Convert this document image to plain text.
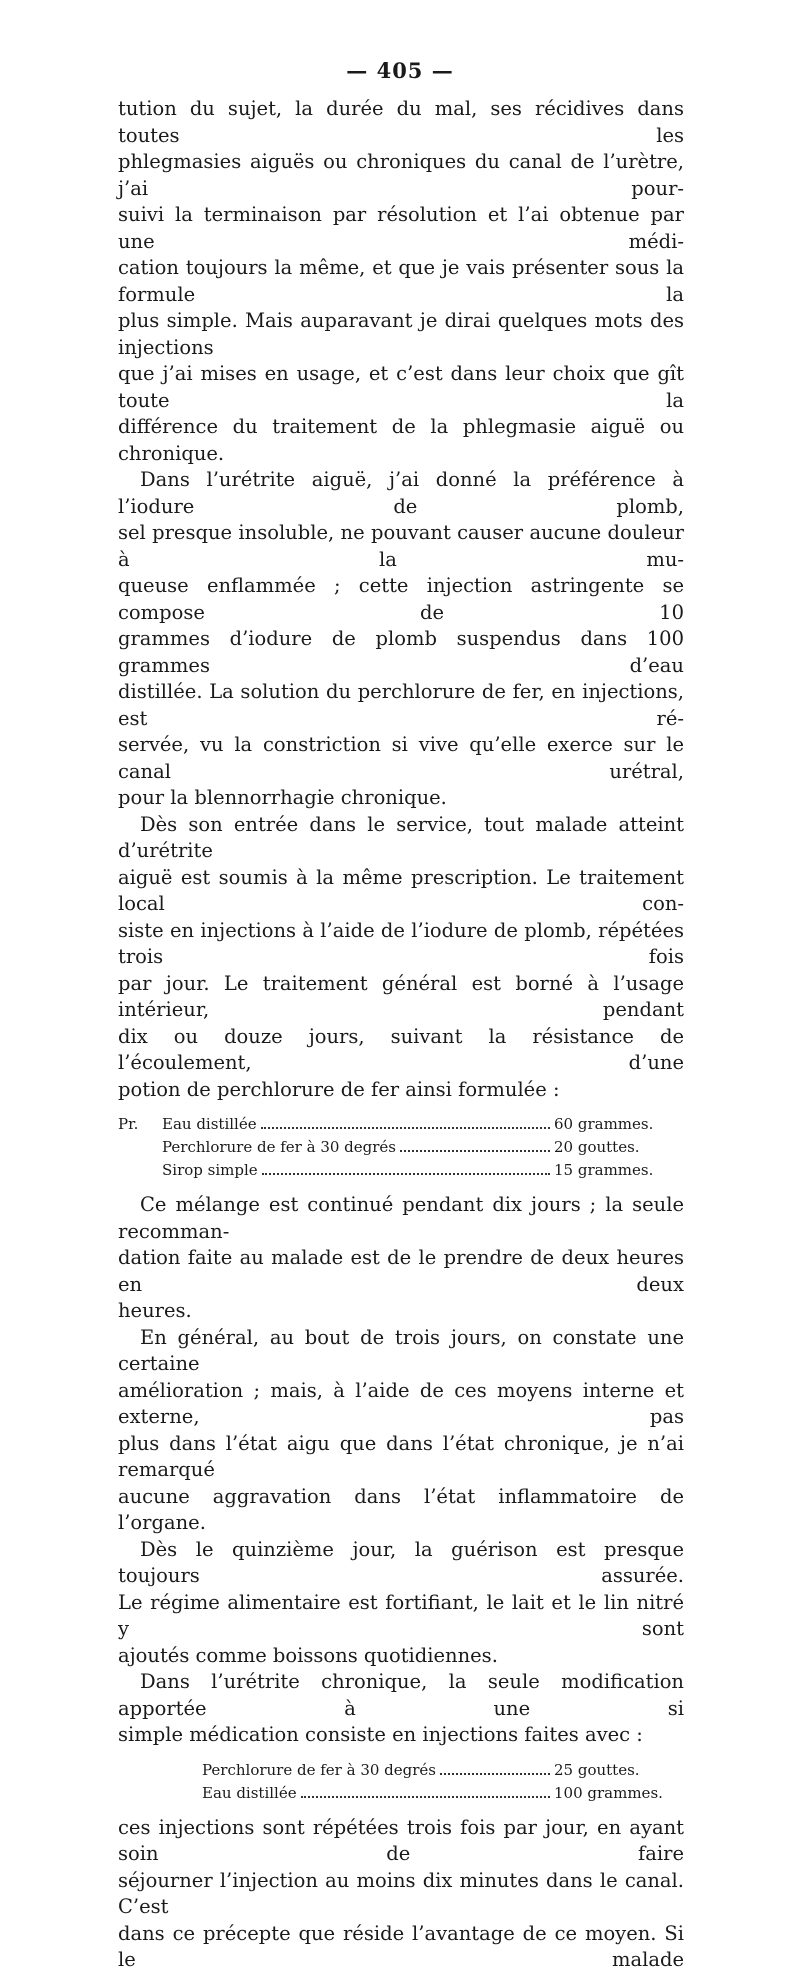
— 405 —

tution du sujet, la durée du mal, ses récidives dans toutes les

phlegmasies aiguës ou chroniques du canal de l’urètre, j’ai pour-

suivi la terminaison par résolution et l’ai obtenue par une médi-

cation toujours la même, et que je vais présenter sous la formule la

plus simple. Mais auparavant je dirai quelques mots des injections

que j’ai mises en usage, et c’est dans leur choix que gît toute la

différence du traitement de la phlegmasie aiguë ou chronique.

Dans l’urétrite aiguë, j’ai donné la préférence à l’iodure de plomb,

sel presque insoluble, ne pouvant causer aucune douleur à la mu-

queuse enflammée ; cette injection astringente se compose de 10

grammes d’iodure de plomb suspendus dans 100 grammes d’eau

distillée. La solution du perchlorure de fer, en injections, est ré-

servée, vu la constriction si vive qu’elle exerce sur le canal urétral,

pour la blennorrhagie chronique.

Dès son entrée dans le service, tout malade atteint d’urétrite

aiguë est soumis à la même prescription. Le traitement local con-

siste en injections à l’aide de l’iodure de plomb, répétées trois fois

par jour. Le traitement général est borné à l’usage intérieur, pendant

dix ou douze jours, suivant la résistance de l’écoulement, d’une

potion de perchlorure de fer ainsi formulée :

Pr.	Eau distillée	60 grammes.
Perchlorure de fer à 30 degrés	20 gouttes.
Sirop simple	15 grammes.

Ce mélange est continué pendant dix jours ; la seule recomman-

dation faite au malade est de le prendre de deux heures en deux

heures.

En général, au bout de trois jours, on constate une certaine

amélioration ; mais, à l’aide de ces moyens interne et externe, pas

plus dans l’état aigu que dans l’état chronique, je n’ai remarqué

aucune aggravation dans l’état inflammatoire de l’organe.

Dès le quinzième jour, la guérison est presque toujours assurée.

Le régime alimentaire est fortifiant, le lait et le lin nitré y sont

ajoutés comme boissons quotidiennes.

Dans l’urétrite chronique, la seule modification apportée à une si

simple médication consiste en injections faites avec :

Perchlorure de fer à 30 degrés	25 gouttes.
Eau distillée	100 grammes.

ces injections sont répétées trois fois par jour, en ayant soin de faire

séjourner l’injection au moins dix minutes dans le canal. C’est

dans ce précepte que réside l’avantage de ce moyen. Si le malade
